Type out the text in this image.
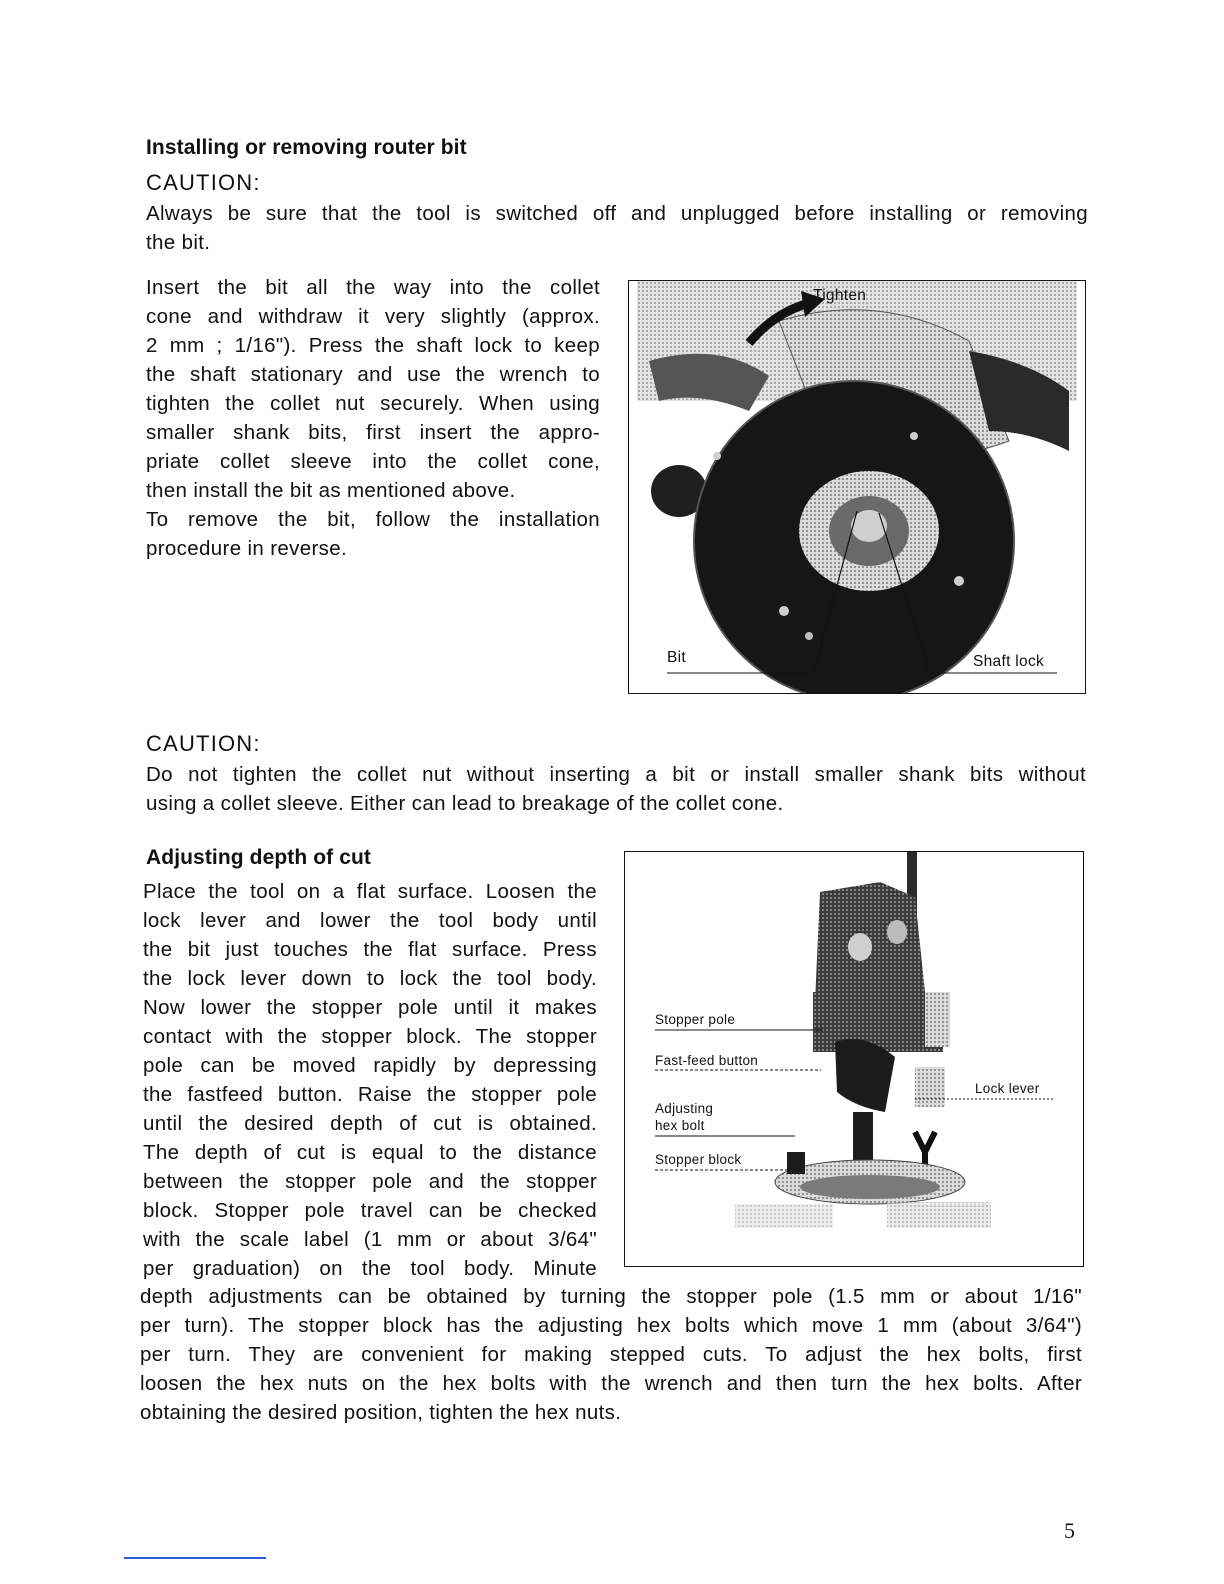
Installing or removing router bit
CAUTION:
Always be sure that the tool is switched off and unplugged before installing or removing
the bit.
Insert the bit all the way into the collet
cone and withdraw it very slightly (approx.
2 mm ; 1/16"). Press the shaft lock to keep
the shaft stationary and use the wrench to
tighten the collet nut securely. When using
smaller shank bits, first insert the appro-
priate collet sleeve into the collet cone,
then install the bit as mentioned above.
To remove the bit, follow the installation
procedure in reverse.
Tighten
Bit	Shaft lock
CAUTION:
Do not tighten the collet nut without inserting a bit or install smaller shank bits without
using a collet sleeve. Either can lead to breakage of the collet cone.
Adjusting depth of cut
Place the tool on a flat surface. Loosen the
lock lever and lower the tool body until
the bit just touches the flat surface. Press
the lock lever down to lock the tool body.
Now lower the stopper pole until it makes
contact with the stopper block. The stopper
pole can be moved rapidly by depressing
the fastfeed button. Raise the stopper pole
until the desired depth of cut is obtained.
The depth of cut is equal to the distance
between the stopper pole and the stopper
block. Stopper pole travel can be checked
with the scale label (1 mm or about 3/64"
per graduation) on the tool body. Minute
Stopper pole
Fast-feed button
Lock lever
Adjusting
hex bolt
Stopper block
depth adjustments can be obtained by turning the stopper pole (1.5 mm or about 1/16"
per turn). The stopper block has the adjusting hex bolts which move 1 mm (about 3/64")
per turn. They are convenient for making stepped cuts. To adjust the hex bolts, first
loosen the hex nuts on the hex bolts with the wrench and then turn the hex bolts. After
obtaining the desired position, tighten the hex nuts.
5
